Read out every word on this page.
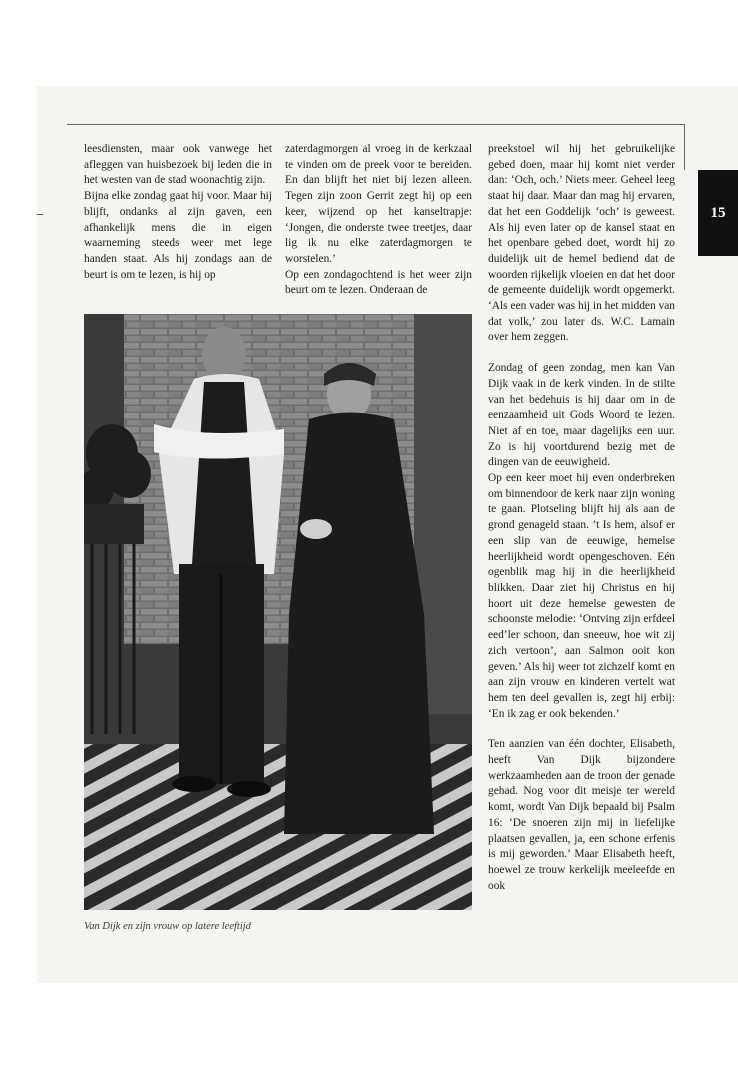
15

leesdiensten, maar ook vanwege het afleggen van huisbezoek bij leden die in het westen van de stad woonachtig zijn.

Bijna elke zondag gaat hij voor. Maar hij blijft, ondanks al zijn gaven, een afhankelijk mens die in eigen waarneming steeds weer met lege handen staat. Als hij zondags aan de beurt is om te lezen, is hij op

zaterdagmorgen al vroeg in de kerkzaal te vinden om de preek voor te bereiden. En dan blijft het niet bij lezen alleen. Tegen zijn zoon Gerrit zegt hij op een keer, wijzend op het kanseltrapje: ‘Jongen, die onderste twee treetjes, daar lig ik nu elke zaterdagmorgen te worstelen.’

Op een zondagochtend is het weer zijn beurt om te lezen. Onderaan de

preekstoel wil hij het gebruikelijke gebed doen, maar hij komt niet verder dan: ‘Och, och.’ Niets meer. Geheel leeg staat hij daar. Maar dan mag hij ervaren, dat het een Goddelijk ‘och’ is geweest. Als hij even later op de kansel staat en het openbare gebed doet, wordt hij zo duidelijk uit de hemel bediend dat de woorden rijkelijk vloeien en dat het door de gemeente duidelijk wordt opgemerkt. ‘Als een vader was hij in het midden van dat volk,’ zou later ds. W.C. Lamain over hem zeggen.

Zondag of geen zondag, men kan Van Dijk vaak in de kerk vinden. In de stilte van het bedehuis is hij daar om in de eenzaamheid uit Gods Woord te lezen. Niet af en toe, maar dagelijks een uur. Zo is hij voortdurend bezig met de dingen van de eeuwigheid.

Op een keer moet hij even onderbreken om binnendoor de kerk naar zijn woning te gaan. Plotseling blijft hij als aan de grond genageld staan. ’t Is hem, alsof er een slip van de eeuwige, hemelse heerlijkheid wordt opengeschoven. Eén ogenblik mag hij in die heerlijkheid blikken. Daar ziet hij Christus en hij hoort uit deze hemelse gewesten de schoonste melodie: ‘Ontving zijn erfdeel eed’ler schoon, dan sneeuw, hoe wit zij zich vertoon’, aan Salmon ooit kon geven.’ Als hij weer tot zichzelf komt en aan zijn vrouw en kinderen vertelt wat hem ten deel gevallen is, zegt hij erbij: ‘En ik zag er ook bekenden.’

Ten aanzien van één dochter, Elisabeth, heeft Van Dijk bijzondere werkzaamheden aan de troon der genade gehad. Nog voor dit meisje ter wereld komt, wordt Van Dijk bepaald bij Psalm 16: ‘De snoeren zijn mij in liefelijke plaatsen gevallen, ja, een schone erfenis is mij geworden.’ Maar Elisabeth heeft, hoewel ze trouw kerkelijk meeleefde en ook

Van Dijk en zijn vrouw op latere leeftijd
